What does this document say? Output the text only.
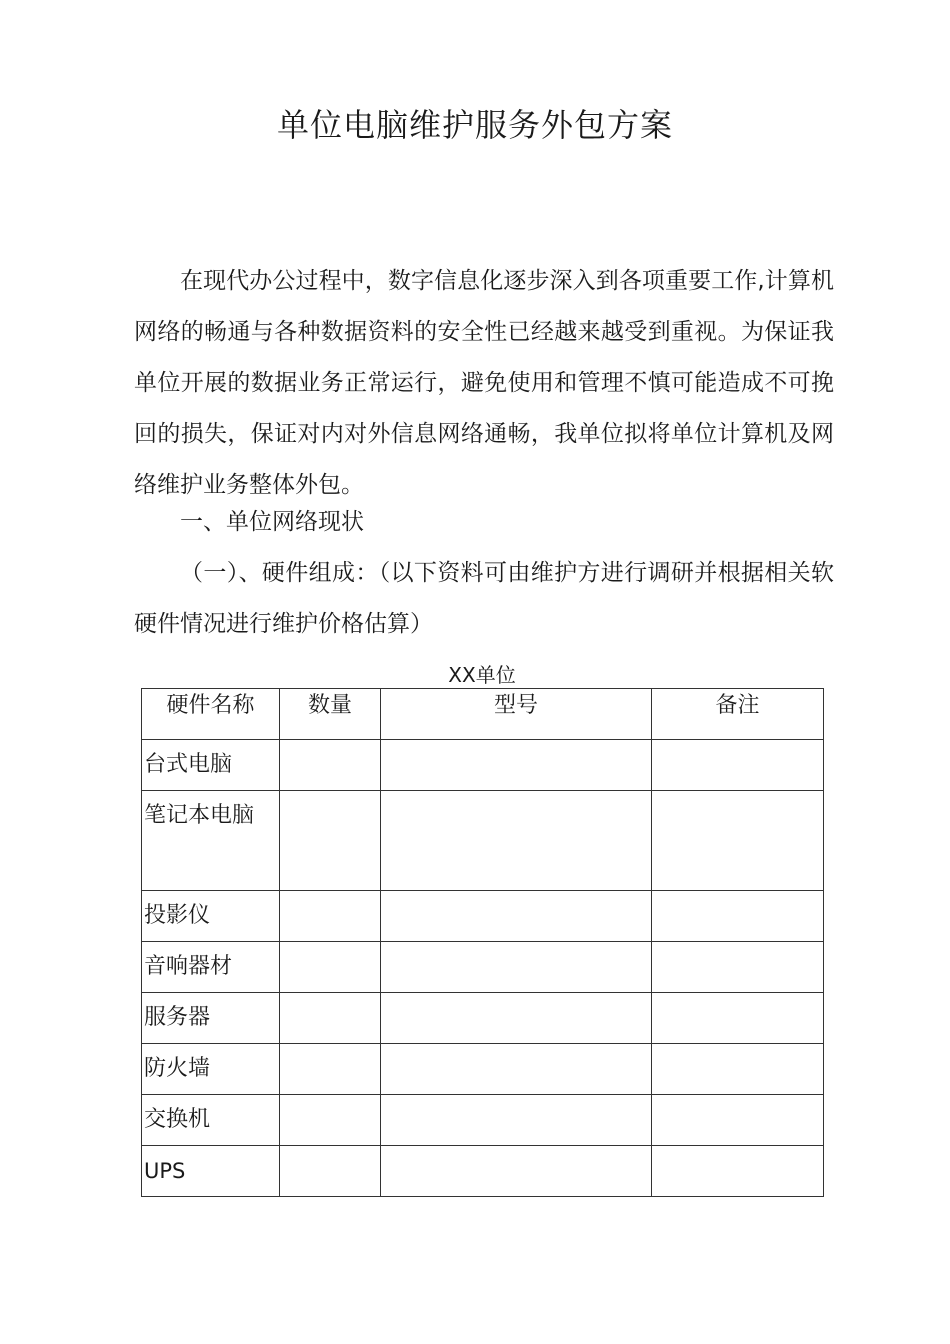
单位电脑维护服务外包方案

在现代办公过程中，数字信息化逐步深入到各项重要工作,计算机网络的畅通与各种数据资料的安全性已经越来越受到重视。为保证我单位开展的数据业务正常运行，避免使用和管理不慎可能造成不可挽回的损失，保证对内对外信息网络通畅，我单位拟将单位计算机及网络维护业务整体外包。

一、单位网络现状

（一）、硬件组成：（以下资料可由维护方进行调研并根据相关软硬件情况进行维护价格估算）

XX单位
硬件名称	数量	型号	备注
台式电脑			
笔记本电脑			
投影仪			
音响器材			
服务器			
防火墙			
交换机			
UPS			
